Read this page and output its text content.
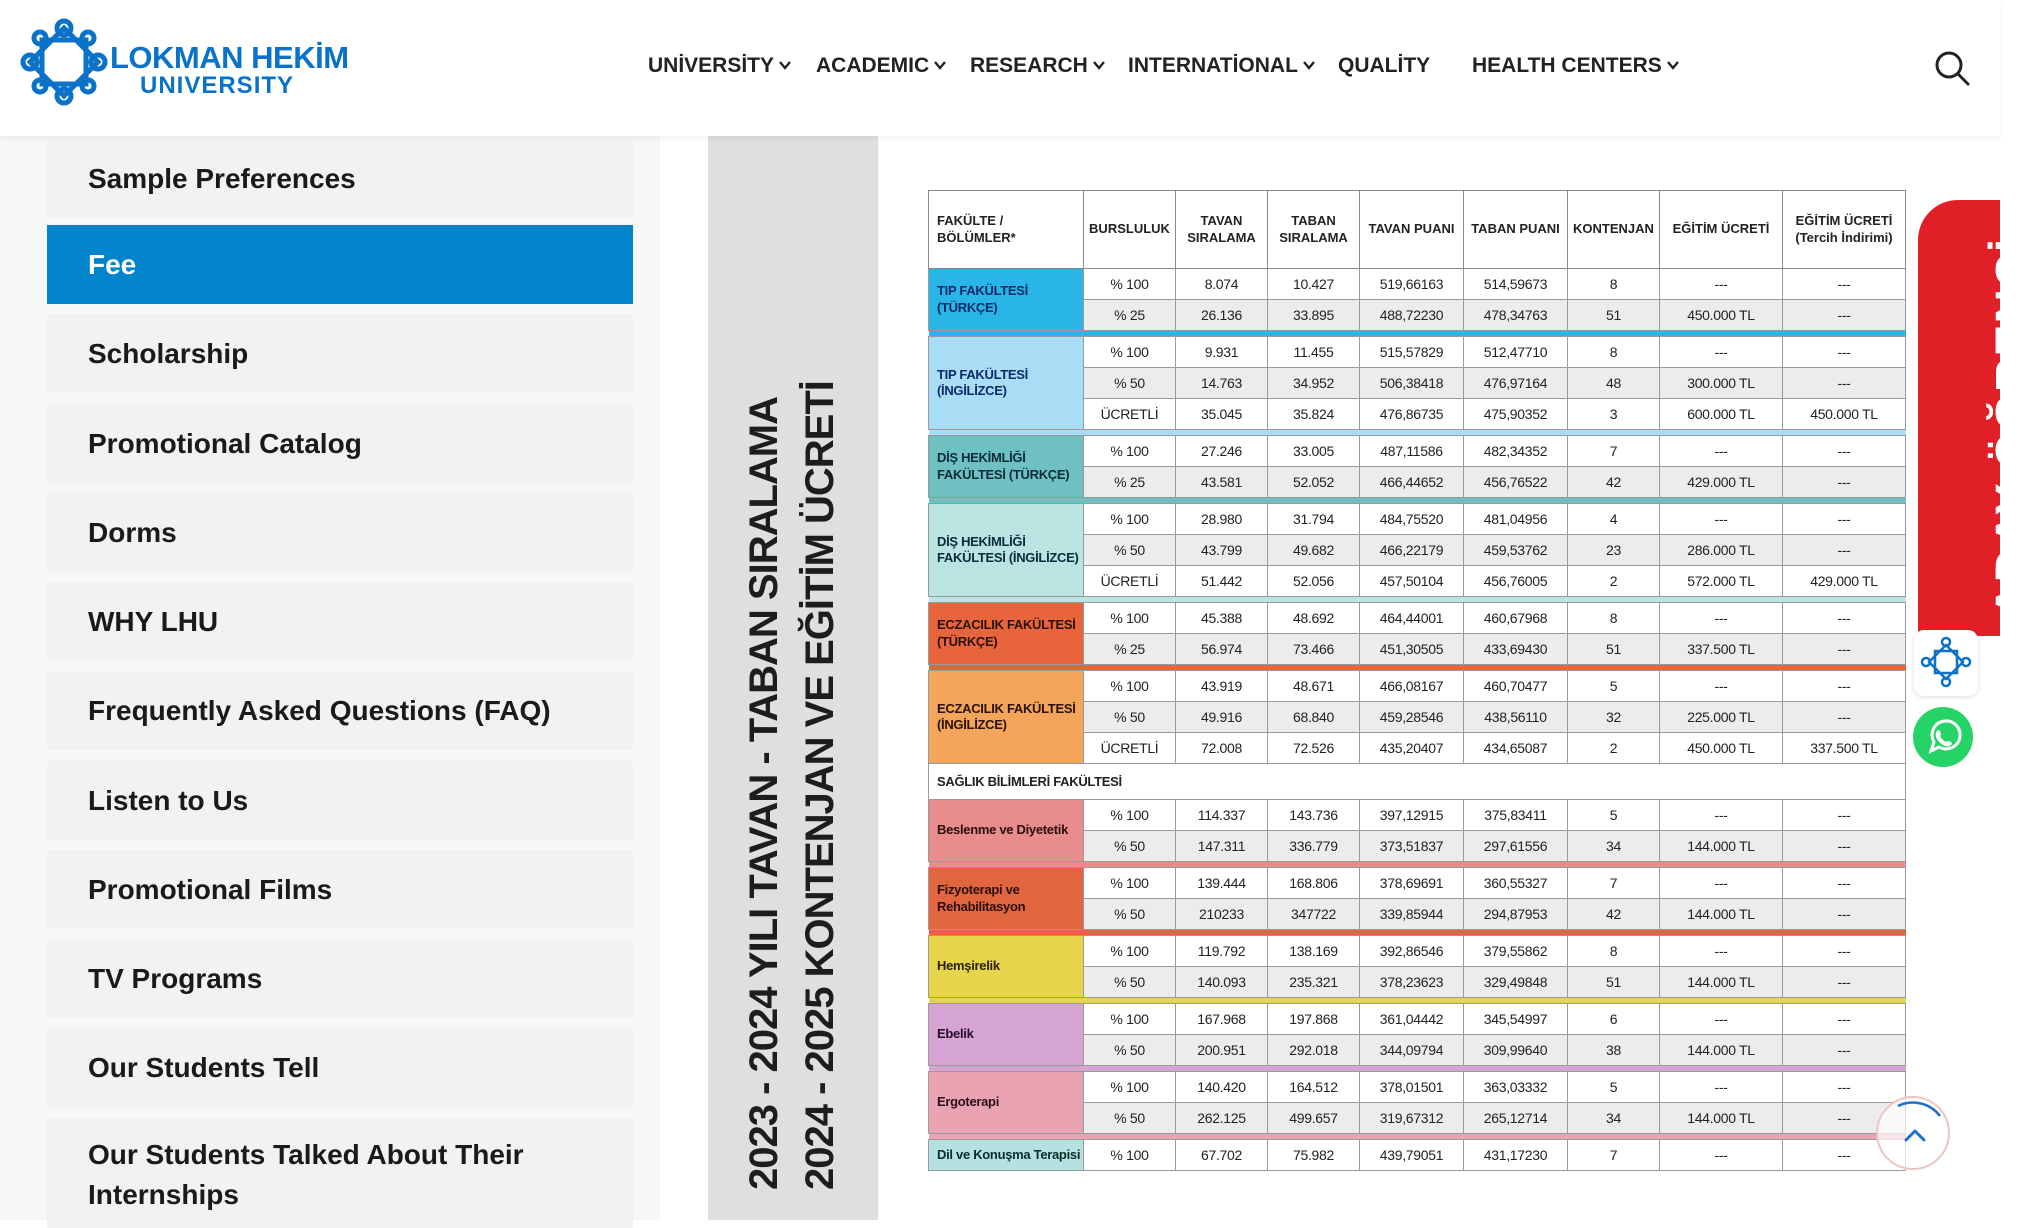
LOKMAN HEKİM
UNIVERSITY
UNİVERSİTY ACADEMIC RESEARCH INTERNATİONAL QUALİTY HEALTH CENTERS
Sample Preferences
Fee
Scholarship
Promotional Catalog
Dorms
WHY LHU
Frequently Asked Questions (FAQ)
Listen to Us
Promotional Films
TV Programs
Our Students Tell
Our Students Talked About Their Internships
2023 - 2024 YILI TAVAN - TABAN SIRALAMA 2024 - 2025 KONTENJAN VE EĞİTİM ÜCRETİ
FAKÜLTE / BÖLÜMLER*	BURSLULUK	TAVAN SIRALAMA	TABAN SIRALAMA	TAVAN PUANI	TABAN PUANI	KONTENJAN	EĞİTİM ÜCRETİ	EĞİTİM ÜCRETİ (Tercih İndirimi)
TIP FAKÜLTESİ (TÜRKÇE)	% 100	8.074	10.427	519,66163	514,59673	8	---	---
	% 25	26.136	33.895	488,72230	478,34763	51	450.000 TL	---

TIP FAKÜLTESİ (İNGİLİZCE)	% 100	9.931	11.455	515,57829	512,47710	8	---	---
	% 50	14.763	34.952	506,38418	476,97164	48	300.000 TL	---
	ÜCRETLİ	35.045	35.824	476,86735	475,90352	3	600.000 TL	450.000 TL

DİŞ HEKİMLİĞİ FAKÜLTESİ (TÜRKÇE)	% 100	27.246	33.005	487,11586	482,34352	7	---	---
	% 25	43.581	52.052	466,44652	456,76522	42	429.000 TL	---

DİŞ HEKİMLİĞİ FAKÜLTESİ (İNGİLİZCE)	% 100	28.980	31.794	484,75520	481,04956	4	---	---
	% 50	43.799	49.682	466,22179	459,53762	23	286.000 TL	---
	ÜCRETLİ	51.442	52.056	457,50104	456,76005	2	572.000 TL	429.000 TL

ECZACILIK FAKÜLTESİ (TÜRKÇE)	% 100	45.388	48.692	464,44001	460,67968	8	---	---
	% 25	56.974	73.466	451,30505	433,69430	51	337.500 TL	---

ECZACILIK FAKÜLTESİ (İNGİLİZCE)	% 100	43.919	48.671	466,08167	460,70477	5	---	---
	% 50	49.916	68.840	459,28546	438,56110	32	225.000 TL	---
	ÜCRETLİ	72.008	72.526	435,20407	434,65087	2	450.000 TL	337.500 TL
SAĞLIK BİLİMLERİ FAKÜLTESİ								
Beslenme ve Diyetetik	% 100	114.337	143.736	397,12915	375,83411	5	---	---
	% 50	147.311	336.779	373,51837	297,61556	34	144.000 TL	---

Fizyoterapi ve Rehabilitasyon	% 100	139.444	168.806	378,69691	360,55327	7	---	---
	% 50	210233	347722	339,85944	294,87953	42	144.000 TL	---

Hemşirelik	% 100	119.792	138.169	392,86546	379,55862	8	---	---
	% 50	140.093	235.321	378,23623	329,49848	51	144.000 TL	---

Ebelik	% 100	167.968	197.868	361,04442	345,54997	6	---	---
	% 50	200.951	292.018	344,09794	309,99640	38	144.000 TL	---

Ergoterapi	% 100	140.420	164.512	378,01501	363,03332	5	---	---
	% 50	262.125	499.657	319,67312	265,12714	34	144.000 TL	---

Dil ve Konuşma Terapisi	% 100	67.702	75.982	439,79051	431,17230	7	---	---
ADAY ÖĞRENCİ
